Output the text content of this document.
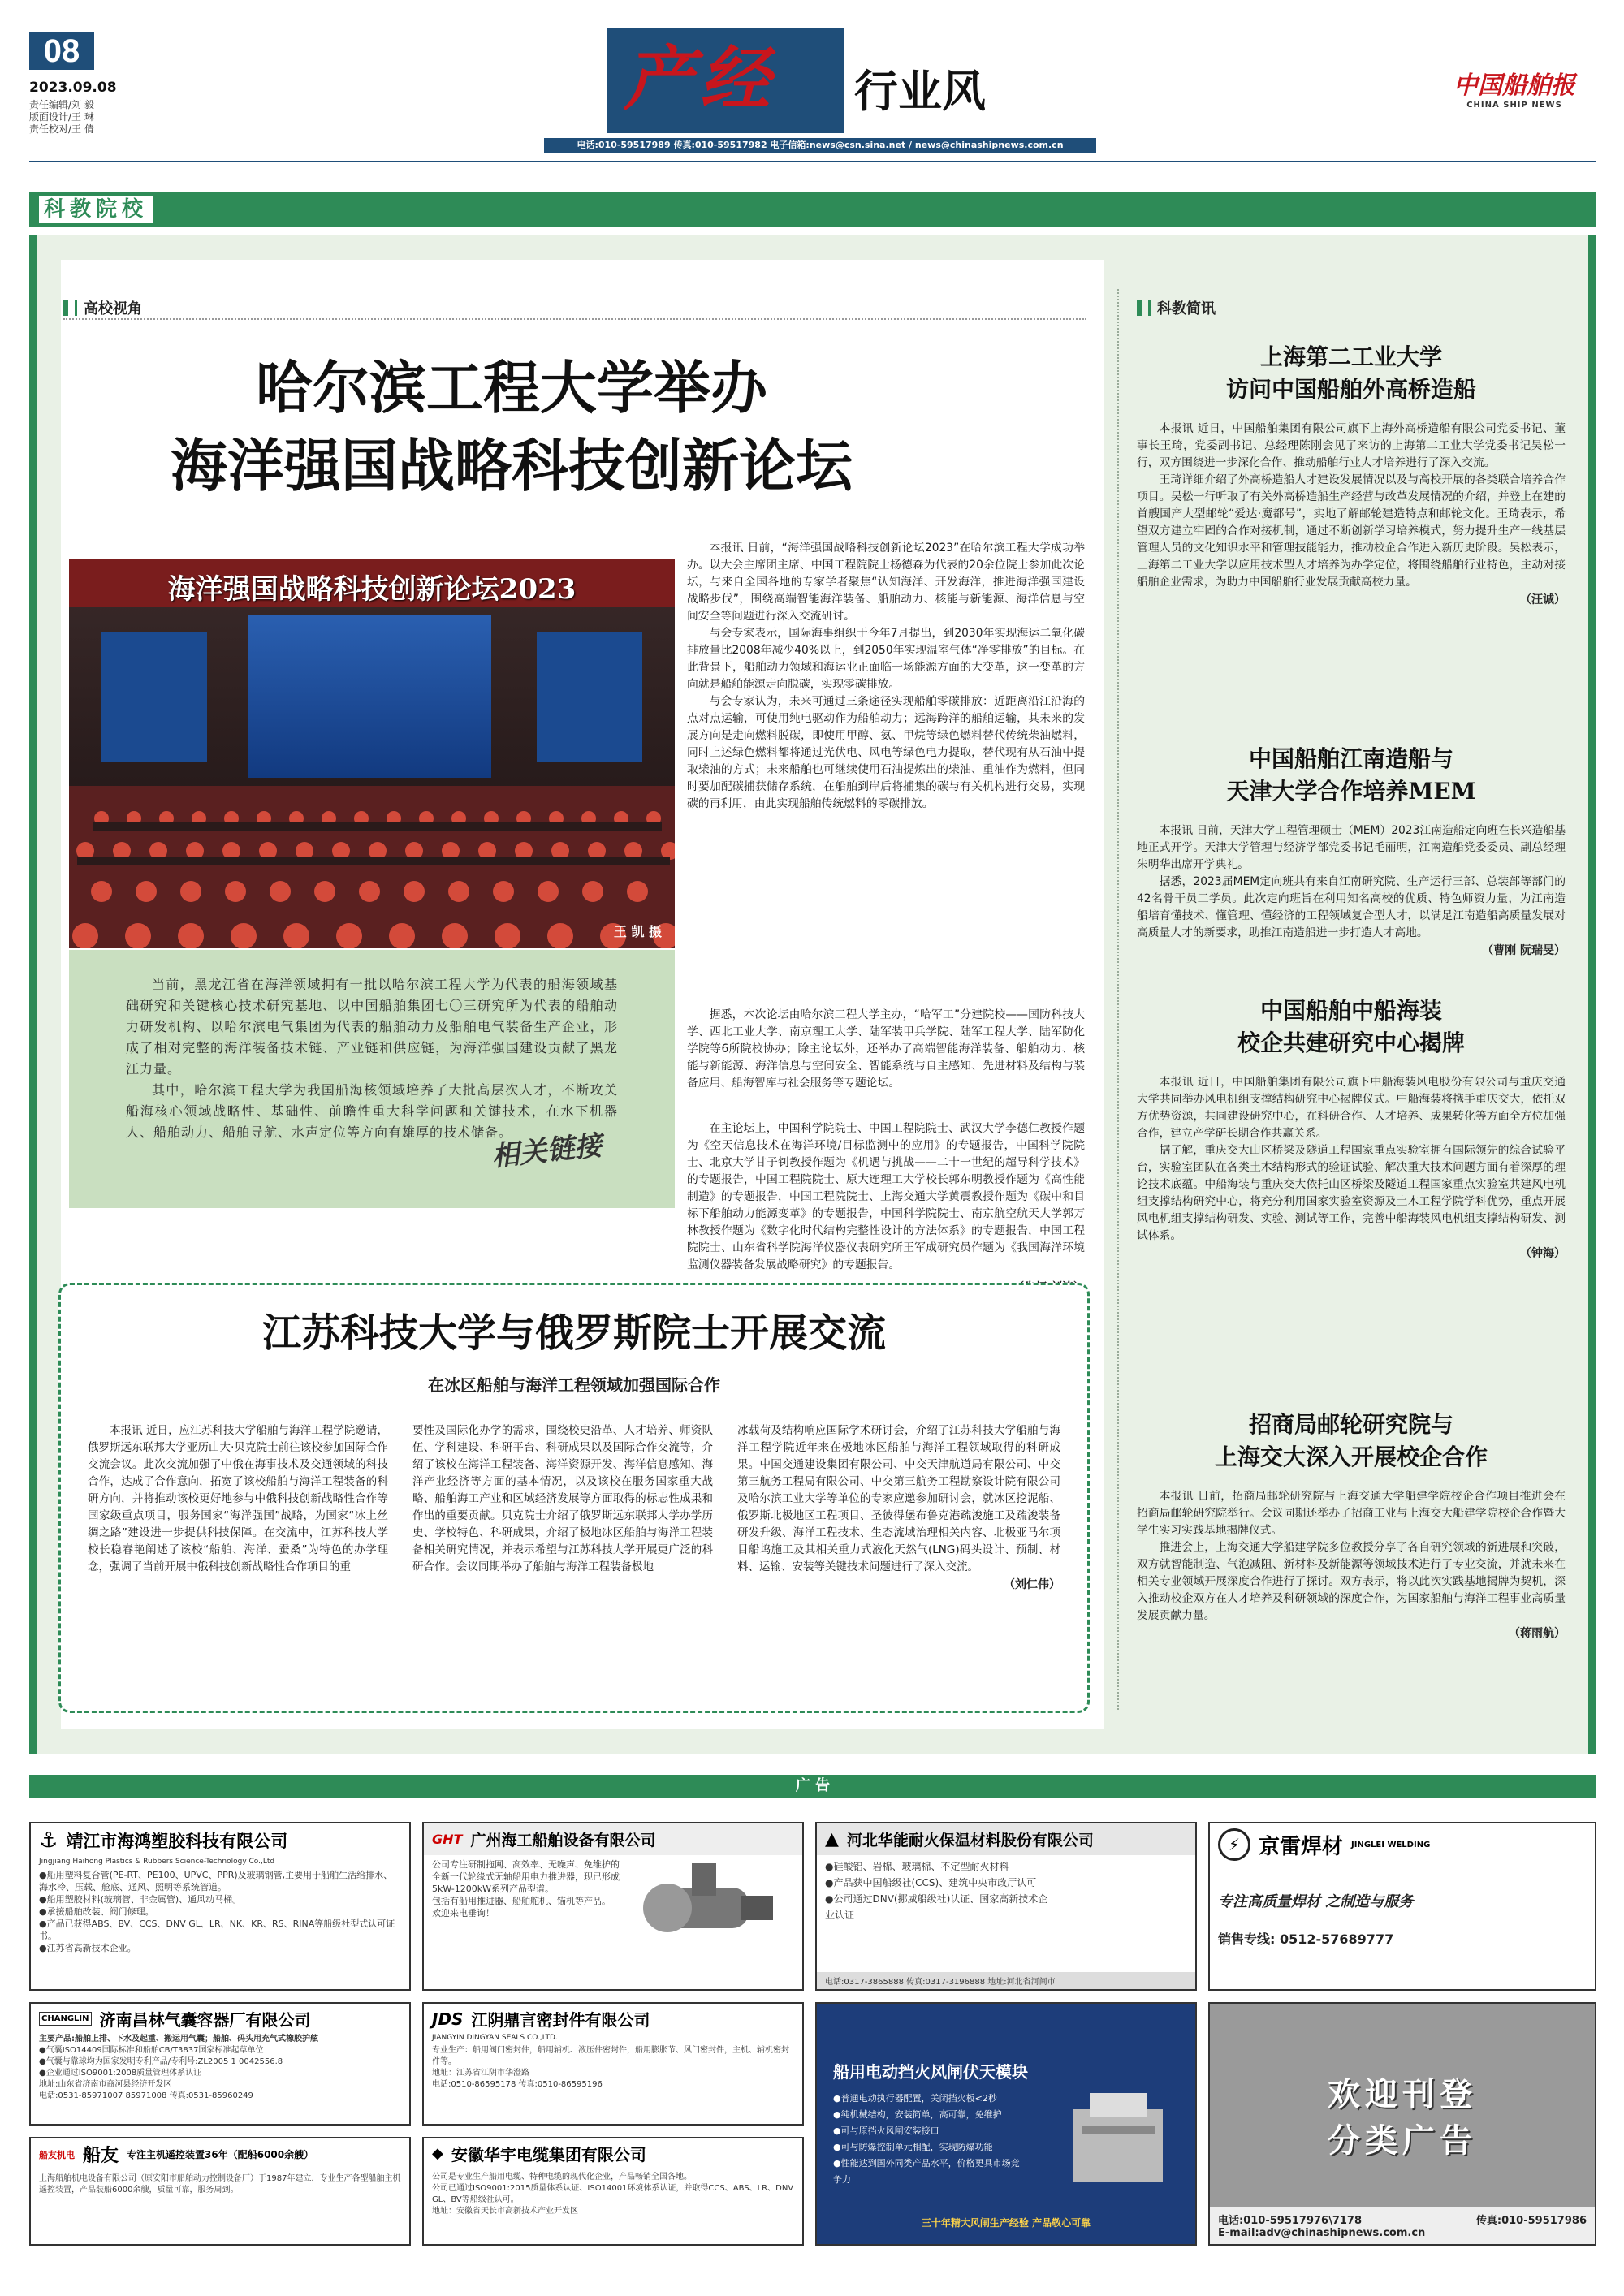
08
2023.09.08
责任编辑/刘 毅
版面设计/王 琳
责任校对/王 倩
产经 行业风
电话:010-59517989 传真:010-59517982 电子信箱:news@csn.sina.net / news@chinashipnews.com.cn
中国船舶报
CHINA SHIP NEWS
科教院校
高校视角
哈尔滨工程大学举办
海洋强国战略科技创新论坛
海洋强国战略科技创新论坛2023
王 凯 摄

当前，黑龙江省在海洋领域拥有一批以哈尔滨工程大学为代表的船海领域基础研究和关键核心技术研究基地、以中国船舶集团七〇三研究所为代表的船舶动力研发机构、以哈尔滨电气集团为代表的船舶动力及船舶电气装备生产企业，形成了相对完整的海洋装备技术链、产业链和供应链，为海洋强国建设贡献了黑龙江力量。

其中，哈尔滨工程大学为我国船海核领域培养了大批高层次人才，不断攻关船海核心领域战略性、基础性、前瞻性重大科学问题和关键技术，在水下机器人、船舶动力、船舶导航、水声定位等方向有雄厚的技术储备。

相关链接

本报讯 日前，“海洋强国战略科技创新论坛2023”在哈尔滨工程大学成功举办。以大会主席团主席、中国工程院院士杨德森为代表的20余位院士参加此次论坛，与来自全国各地的专家学者聚焦“认知海洋、开发海洋，推进海洋强国建设战略步伐”，围绕高端智能海洋装备、船舶动力、核能与新能源、海洋信息与空间安全等问题进行深入交流研讨。

与会专家表示，国际海事组织于今年7月提出，到2030年实现海运二氧化碳排放量比2008年减少40%以上，到2050年实现温室气体“净零排放”的目标。在此背景下，船舶动力领域和海运业正面临一场能源方面的大变革，这一变革的方向就是船舶能源走向脱碳，实现零碳排放。

与会专家认为，未来可通过三条途径实现船舶零碳排放：近距离沿江沿海的点对点运输，可使用纯电驱动作为船舶动力；远海跨洋的船舶运输，其未来的发展方向是走向燃料脱碳，即使用甲醇、氨、甲烷等绿色燃料替代传统柴油燃料，同时上述绿色燃料都将通过光伏电、风电等绿色电力提取，替代现有从石油中提取柴油的方式；未来船舶也可继续使用石油提炼出的柴油、重油作为燃料，但同时要加配碳捕获储存系统，在船舶到岸后将捕集的碳与有关机构进行交易，实现碳的再利用，由此实现船舶传统燃料的零碳排放。

据悉，本次论坛由哈尔滨工程大学主办，“哈军工”分建院校——国防科技大学、西北工业大学、南京理工大学、陆军装甲兵学院、陆军工程大学、陆军防化学院等6所院校协办；除主论坛外，还举办了高端智能海洋装备、船舶动力、核能与新能源、海洋信息与空间安全、智能系统与自主感知、先进材料及结构与装备应用、船海智库与社会服务等专题论坛。

在主论坛上，中国科学院院士、中国工程院院士、武汉大学李德仁教授作题为《空天信息技术在海洋环境/目标监测中的应用》的专题报告，中国科学院院士、北京大学甘子钊教授作题为《机遇与挑战——二十一世纪的超导科学技术》的专题报告，中国工程院院士、原大连理工大学校长郭东明教授作题为《高性能制造》的专题报告，中国工程院院士、上海交通大学黄震教授作题为《碳中和目标下船舶动力能源变革》的专题报告，中国科学院院士、南京航空航天大学郭万林教授作题为《数字化时代结构完整性设计的方法体系》的专题报告，中国工程院院士、山东省科学院海洋仪器仪表研究所王军成研究员作题为《我国海洋环境监测仪器装备发展战略研究》的专题报告。

江苏科技大学与俄罗斯院士开展交流
在冰区船舶与海洋工程领域加强国际合作

本报讯 近日，应江苏科技大学船舶与海洋工程学院邀请，俄罗斯远东联邦大学亚历山大·贝克院士前往该校参加国际合作交流会议。此次交流加强了中俄在海事技术及交通领域的科技合作，达成了合作意向，拓宽了该校船舶与海洋工程装备的科研方向，并将推动该校更好地参与中俄科技创新战略性合作等国家级重点项目，服务国家“海洋强国”战略，为国家“冰上丝绸之路”建设进一步提供科技保障。在交流中，江苏科技大学校长稳春艳阐述了该校“船舶、海洋、蚕桑”为特色的办学理念，强调了当前开展中俄科技创新战略性合作项目的重

要性及国际化办学的需求，围绕校史沿革、人才培养、师资队伍、学科建设、科研平台、科研成果以及国际合作交流等，介绍了该校在海洋工程装备、海洋资源开发、海洋信息感知、海洋产业经济等方面的基本情况，以及该校在服务国家重大战略、船舶海工产业和区域经济发展等方面取得的标志性成果和作出的重要贡献。贝克院士介绍了俄罗斯远东联邦大学办学历史、学校特色、科研成果，介绍了极地冰区船舶与海洋工程装备相关研究情况，并表示希望与江苏科技大学开展更广泛的科研合作。会议同期举办了船舶与海洋工程装备极地

冰载荷及结构响应国际学术研讨会，介绍了江苏科技大学船舶与海洋工程学院近年来在极地冰区船舶与海洋工程领域取得的科研成果。中国交通建设集团有限公司、中交天津航道局有限公司、中交第三航务工程局有限公司、中交第三航务工程勘察设计院有限公司及哈尔滨工业大学等单位的专家应邀参加研讨会，就冰区挖泥船、俄罗斯北极地区工程项目、圣彼得堡布鲁克港疏浚施工及疏浚装备研发升级、海洋工程技术、生态流域治理相关内容、北极亚马尔项目船坞施工及其相关重力式液化天然气(LNG)码头设计、预制、材料、运输、安装等关键技术问题进行了深入交流。

（刘仁伟）
科教简讯
上海第二工业大学
访问中国船舶外高桥造船

本报讯 近日，中国船舶集团有限公司旗下上海外高桥造船有限公司党委书记、董事长王琦，党委副书记、总经理陈刚会见了来访的上海第二工业大学党委书记吴松一行，双方围绕进一步深化合作、推动船舶行业人才培养进行了深入交流。

王琦详细介绍了外高桥造船人才建设发展情况以及与高校开展的各类联合培养合作项目。吴松一行听取了有关外高桥造船生产经营与改革发展情况的介绍，并登上在建的首艘国产大型邮轮“爱达·魔都号”，实地了解邮轮建造特点和邮轮文化。王琦表示，希望双方建立牢固的合作对接机制，通过不断创新学习培养模式，努力提升生产一线基层管理人员的文化知识水平和管理技能能力，推动校企合作进入新历史阶段。吴松表示，上海第二工业大学以应用技术型人才培养为办学定位，将围绕船舶行业特色，主动对接船舶企业需求，为助力中国船舶行业发展贡献高校力量。

（汪诚）
中国船舶江南造船与
天津大学合作培养MEM

本报讯 日前，天津大学工程管理硕士（MEM）2023江南造船定向班在长兴造船基地正式开学。天津大学管理与经济学部党委书记毛丽明，江南造船党委委员、副总经理朱明华出席开学典礼。

据悉，2023届MEM定向班共有来自江南研究院、生产运行三部、总装部等部门的42名骨干员工学员。此次定向班旨在利用知名高校的优质、特色师资力量，为江南造船培育懂技术、懂管理、懂经济的工程领域复合型人才，以满足江南造船高质量发展对高质量人才的新要求，助推江南造船进一步打造人才高地。

（曹刚 阮瑞旻）
中国船舶中船海装
校企共建研究中心揭牌

本报讯 近日，中国船舶集团有限公司旗下中船海装风电股份有限公司与重庆交通大学共同举办风电机组支撑结构研究中心揭牌仪式。中船海装将携手重庆交大，依托双方优势资源，共同建设研究中心，在科研合作、人才培养、成果转化等方面全方位加强合作，建立产学研长期合作共赢关系。

据了解，重庆交大山区桥梁及隧道工程国家重点实验室拥有国际领先的综合试验平台，实验室团队在各类土木结构形式的验证试验、解决重大技术问题方面有着深厚的理论技术底蕴。中船海装与重庆交大依托山区桥梁及隧道工程国家重点实验室共建风电机组支撑结构研究中心，将充分利用国家实验室资源及土木工程学院学科优势，重点开展风电机组支撑结构研发、实验、测试等工作，完善中船海装风电机组支撑结构研发、测试体系。

（钟海）
招商局邮轮研究院与
上海交大深入开展校企合作

本报讯 日前，招商局邮轮研究院与上海交通大学船建学院校企合作项目推进会在招商局邮轮研究院举行。会议同期还举办了招商工业与上海交大船建学院校企合作暨大学生实习实践基地揭牌仪式。

推进会上，上海交通大学船建学院多位教授分享了各自研究领域的新进展和突破，双方就智能制造、气泡减阻、新材料及新能源等领域技术进行了专业交流，并就未来在相关专业领域开展深度合作进行了探讨。双方表示，将以此次实践基地揭牌为契机，深入推动校企双方在人才培养及科研领域的深度合作，为国家船舶与海洋工程事业高质量发展贡献力量。

（蒋雨航）
广 告
⚓ 靖江市海鸿塑胶科技有限公司
Jingjiang Haihong Plastics & Rubbers Science-Technology Co.,Ltd
●船用塑料复合管(PE-RT、PE100、UPVC、PPR)及玻璃钢管,主要用于船舶生活给排水、海水冷、压载、舱底、通风、照明等系统管道。
●船用塑胶材料(玻璃管、非金属管)、通风动马桶。
●承接船舶改装、阀门修理。
●产品已获得ABS、BV、CCS、DNV GL、LR、NK、KR、RS、RINA等船级社型式认可证书。
●江苏省高新技术企业。
GHT 广州海工船舶设备有限公司
公司专注研制拖网、高效率、无噪声、免维护的全新一代轮缘式无轴船用电力推进器，现已形成5kW-1200kW系列产品型谱。
包括有船用推进器、船舶舵机、锚机等产品。
欢迎来电垂询！
▲ 河北华能耐火保温材料股份有限公司
●硅酸铝、岩棉、玻璃棉、不定型耐火材料
●产品获中国船级社(CCS)、建筑中央市政厅认可
●公司通过DNV(挪威船级社)认证、国家高新技术企业认证
电话:0317-3865888 传真:0317-3196888 地址:河北省河间市
⚡ 京雷焊材 JINGLEI WELDING
专注高质量焊材 之制造与服务
销售专线: 0512-57689777
CHANGLIN 济南昌林气囊容器厂有限公司
主要产品:船舶上排、下水及起重、搬运用气囊；船舶、码头用充气式橡胶护舷
●气囊ISO14409国际标准和船舶CB/T3837国家标准起草单位
●气囊与靠球均为国家发明专利产品/专利号:ZL2005 1 0042556.8
●企业通过ISO9001:2008质量管理体系认证
地址:山东省济南市商河县经济开发区
电话:0531-85971007 85971008 传真:0531-85960249
JDS 江阴鼎言密封件有限公司
JIANGYIN DINGYAN SEALS CO.,LTD.
专业生产：船用阀门密封件，船用辅机、液压件密封件，船用膨胀节、风门密封件，主机、辅机密封件等。
地址：江苏省江阴市华澄路
电话:0510-86595178 传真:0510-86595196
船用电动挡火风闸伏天模块
●普通电动执行器配置，关闭挡火板<2秒
●纯机械结构，安装简单，高可靠，免维护
●可与原挡火风闸安装接口
●可与防爆控制单元相配，实现防爆功能
●性能达到国外同类产品水平，价格更具市场竞争力
三十年精大风闸生产经验 产品敬心可靠
欢迎刊登
分类广告
电话:010-59517976\7178	传真:010-59517986
E-mail:adv@chinashipnews.com.cn
船友机电 船友 专注主机遥控装置36年（配船6000余艘）
上海船舶机电设备有限公司（原安阳市船舶动力控制设备厂）于1987年建立，专业生产各型船舶主机遥控装置，产品装船6000余艘，质量可靠，服务周到。
◆ 安徽华宇电缆集团有限公司
公司是专业生产船用电缆、特种电缆的现代化企业，产品畅销全国各地。
公司已通过ISO9001:2015质量体系认证、ISO14001环境体系认证，并取得CCS、ABS、LR、DNV GL、BV等船级社认可。
地址：安徽省天长市高新技术产业开发区
